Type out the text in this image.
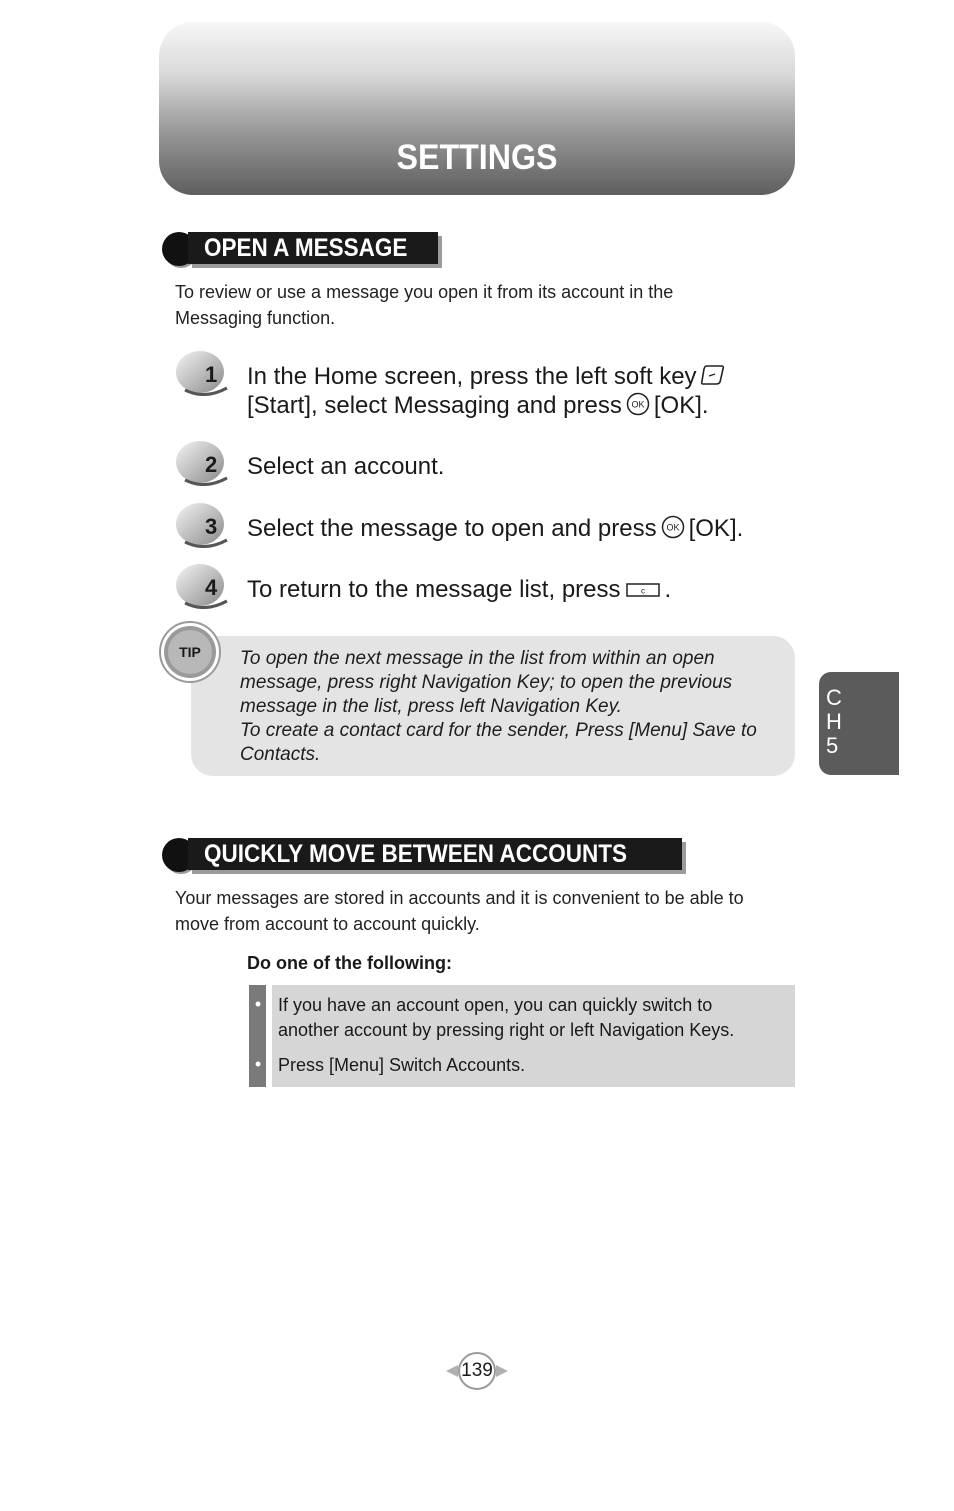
SETTINGS
OPEN A MESSAGE
To review or use a message you open it from its account in the
Messaging function.
1 In the Home screen, press the left soft key
[Start], select Messaging and press OK [OK].
2 Select an account.
3 Select the message to open and press OK [OK].
4 To return to the message list, press	c .
TIP To open the next message in the list from within an open
message, press right Navigation Key; to open the previous
message in the list, press left Navigation Key.
To create a contact card for the sender, Press [Menu] Save to
Contacts.
C
H
5
QUICKLY MOVE BETWEEN ACCOUNTS
Your messages are stored in accounts and it is convenient to be able to
move from account to account quickly.
Do one of the following:
• If you have an account open, you can quickly switch to
another account by pressing right or left Navigation Keys.
• Press [Menu] Switch Accounts.
139
